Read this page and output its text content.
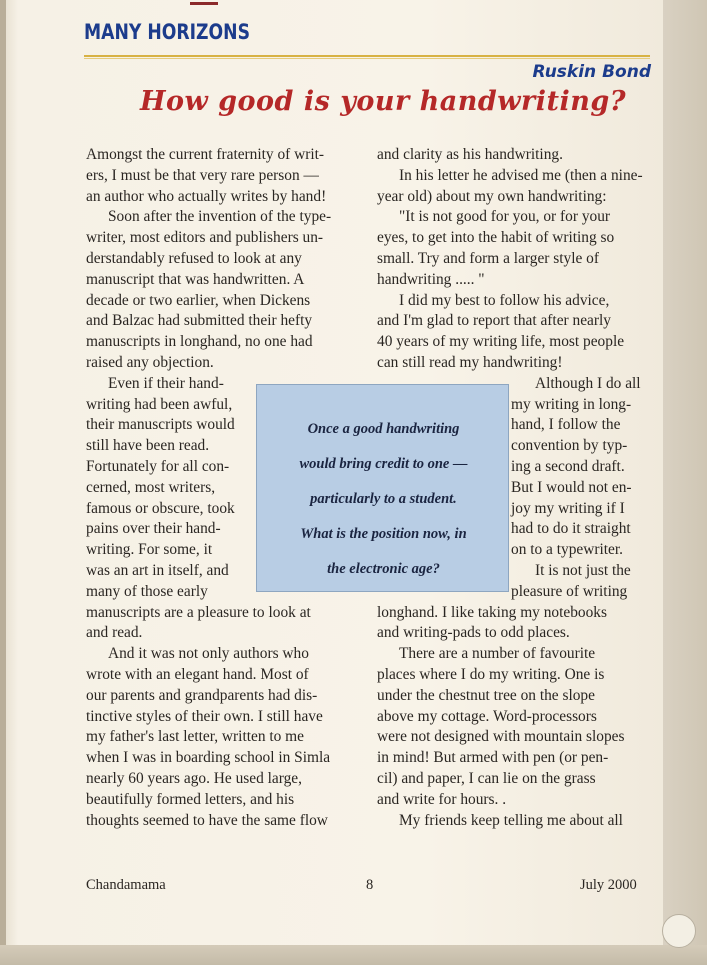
MANY HORIZONS
Ruskin Bond
How good is your handwriting?
Amongst the current fraternity of writ-
ers, I must be that very rare person —
an author who actually writes by hand!
Soon after the invention of the type-
writer, most editors and publishers un-
derstandably refused to look at any
manuscript that was handwritten. A
decade or two earlier, when Dickens
and Balzac had submitted their hefty
manuscripts in longhand, no one had
raised any objection.
Even if their hand-
writing had been awful,
their manuscripts would
still have been read.
Fortunately for all con-
cerned, most writers,
famous or obscure, took
pains over their hand-
writing. For some, it
was an art in itself, and
many of those early
and clarity as his handwriting.
In his letter he advised me (then a nine-
year old) about my own handwriting:
"It is not good for you, or for your
eyes, to get into the habit of writing so
small. Try and form a larger style of
handwriting ..... "
I did my best to follow his advice,
and I'm glad to report that after nearly
40 years of my writing life, most people
can still read my handwriting!
Although I do all
my writing in long-
hand, I follow the
convention by typ-
ing a second draft.
But I would not en-
joy my writing if I
had to do it straight
on to a typewriter.
It is not just the
pleasure of writing
manuscripts are a pleasure to look at
and read.
And it was not only authors who
wrote with an elegant hand. Most of
our parents and grandparents had dis-
tinctive styles of their own. I still have
my father's last letter, written to me
when I was in boarding school in Simla
nearly 60 years ago. He used large,
beautifully formed letters, and his
thoughts seemed to have the same flow
longhand. I like taking my notebooks
and writing-pads to odd places.
There are a number of favourite
places where I do my writing. One is
under the chestnut tree on the slope
above my cottage. Word-processors
were not designed with mountain slopes
in mind! But armed with pen (or pen-
cil) and paper, I can lie on the grass
and write for hours. .
My friends keep telling me about all
Once a good handwriting
would bring credit to one —
particularly to a student.
What is the position now, in
the electronic age?
Chandamama	8	July 2000
